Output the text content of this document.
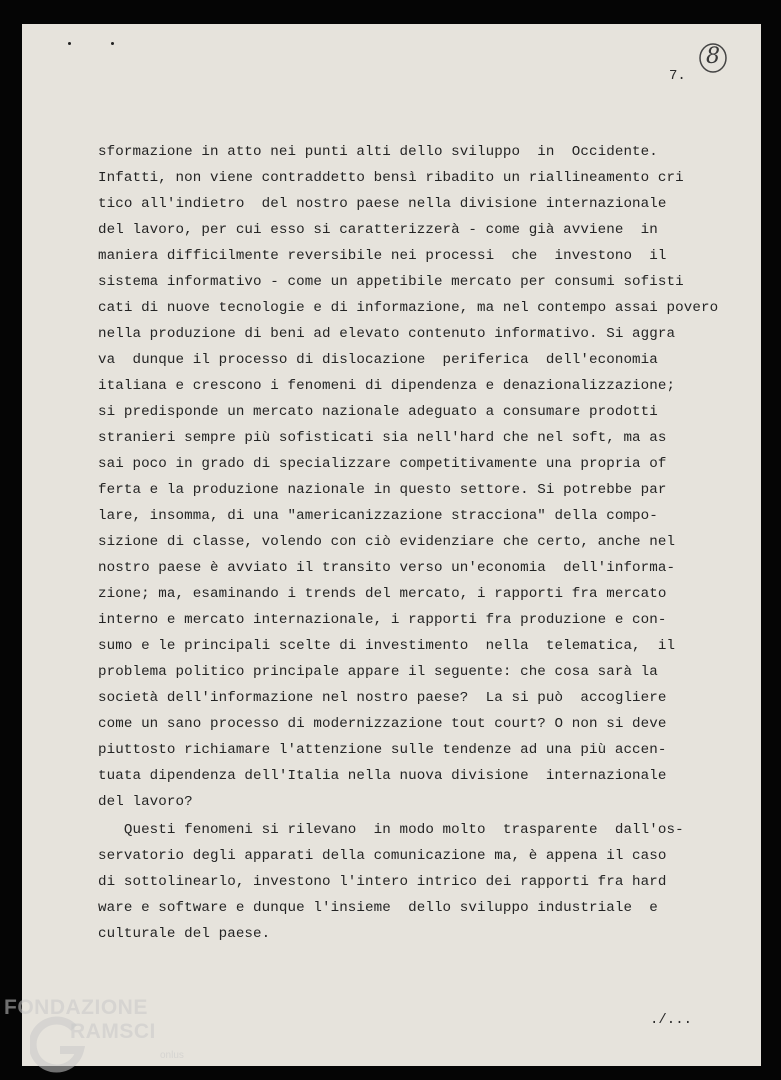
7.
8
sformazione in atto nei punti alti dello sviluppo  in  Occidente.
Infatti, non viene contraddetto bensì ribadito un riallineamento cri
tico all'indietro  del nostro paese nella divisione internazionale
del lavoro, per cui esso si caratterizzerà - come già avviene  in
maniera difficilmente reversibile nei processi  che  investono  il
sistema informativo - come un appetibile mercato per consumi sofisti
cati di nuove tecnologie e di informazione, ma nel contempo assai povero
nella produzione di beni ad elevato contenuto informativo. Si aggra
va  dunque il processo di dislocazione  periferica  dell'economia
italiana e crescono i fenomeni di dipendenza e denazionalizzazione;
si predisponde un mercato nazionale adeguato a consumare prodotti
stranieri sempre più sofisticati sia nell'hard che nel soft, ma as
sai poco in grado di specializzare competitivamente una propria of
ferta e la produzione nazionale in questo settore. Si potrebbe par
lare, insomma, di una "americanizzazione stracciona" della compo-
sizione di classe, volendo con ciò evidenziare che certo, anche nel
nostro paese è avviato il transito verso un'economia  dell'informa-
zione; ma, esaminando i trends del mercato, i rapporti fra mercato
interno e mercato internazionale, i rapporti fra produzione e con-
sumo e le principali scelte di investimento  nella  telematica,  il
problema politico principale appare il seguente: che cosa sarà la
società dell'informazione nel nostro paese?  La si può  accogliere
come un sano processo di modernizzazione tout court? O non si deve
piuttosto richiamare l'attenzione sulle tendenze ad una più accen-
tuata dipendenza dell'Italia nella nuova divisione  internazionale
del lavoro?
Questi fenomeni si rilevano  in modo molto  trasparente  dall'os-
servatorio degli apparati della comunicazione ma, è appena il caso
di sottolinearlo, investono l'intero intrico dei rapporti fra hard
ware e software e dunque l'insieme  dello sviluppo industriale  e
culturale del paese.
./...
FONDAZIONE
RAMSCI
onlus
